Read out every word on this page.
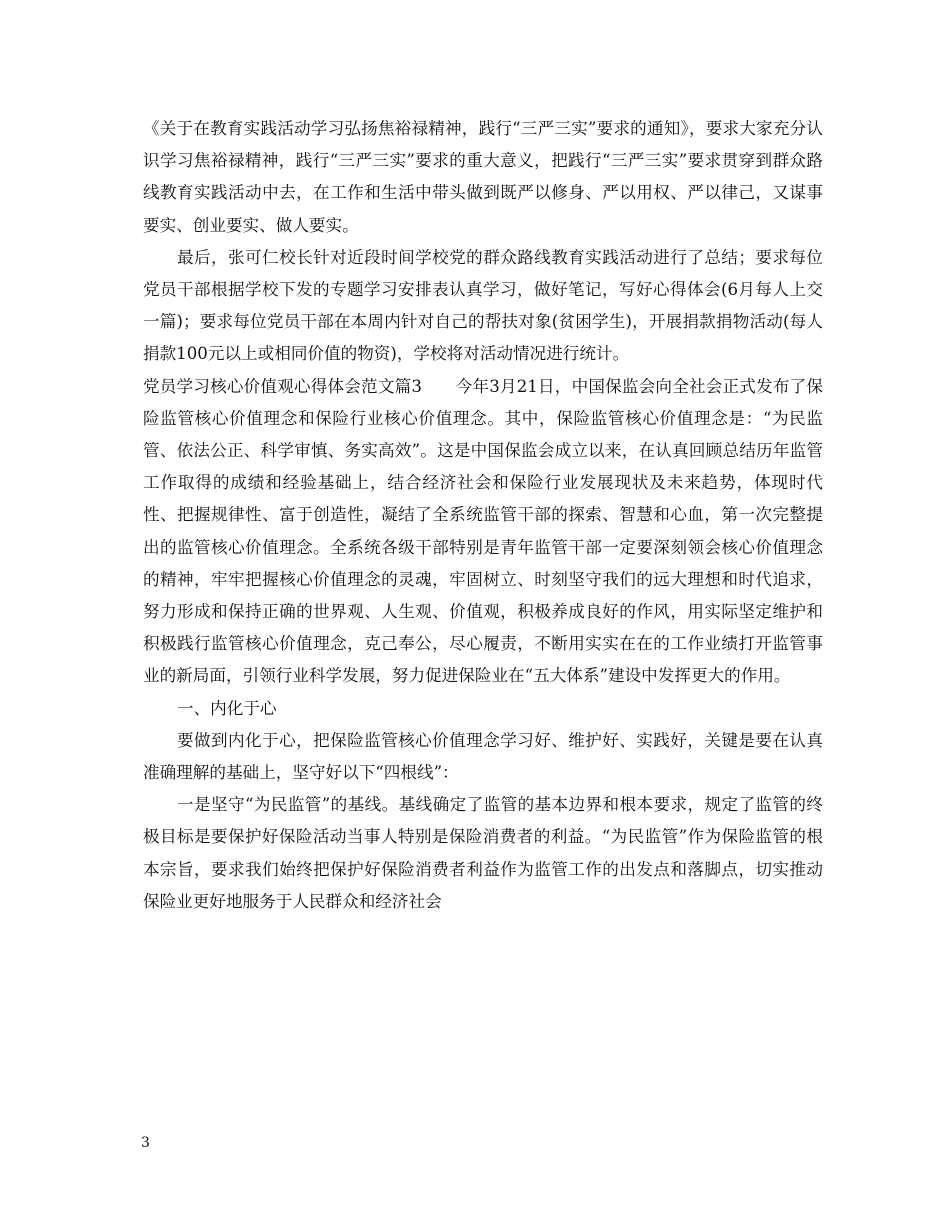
《关于在教育实践活动学习弘扬焦裕禄精神，践行“三严三实”要求的通知》，要求大家充分认识学习焦裕禄精神，践行“三严三实”要求的重大意义，把践行“三严三实”要求贯穿到群众路线教育实践活动中去，在工作和生活中带头做到既严以修身、严以用权、严以律己，又谋事要实、创业要实、做人要实。

最后，张可仁校长针对近段时间学校党的群众路线教育实践活动进行了总结；要求每位党员干部根据学校下发的专题学习安排表认真学习，做好笔记，写好心得体会(6月每人上交一篇)；要求每位党员干部在本周内针对自己的帮扶对象(贫困学生)，开展捐款捐物活动(每人捐款100元以上或相同价值的物资)，学校将对活动情况进行统计。

党员学习核心价值观心得体会范文篇3　　今年3月21日，中国保监会向全社会正式发布了保险监管核心价值理念和保险行业核心价值理念。其中，保险监管核心价值理念是：“为民监管、依法公正、科学审慎、务实高效”。这是中国保监会成立以来，在认真回顾总结历年监管工作取得的成绩和经验基础上，结合经济社会和保险行业发展现状及未来趋势，体现时代性、把握规律性、富于创造性，凝结了全系统监管干部的探索、智慧和心血，第一次完整提出的监管核心价值理念。全系统各级干部特别是青年监管干部一定要深刻领会核心价值理念的精神，牢牢把握核心价值理念的灵魂，牢固树立、时刻坚守我们的远大理想和时代追求，努力形成和保持正确的世界观、人生观、价值观，积极养成良好的作风，用实际坚定维护和积极践行监管核心价值理念，克己奉公，尽心履责，不断用实实在在的工作业绩打开监管事业的新局面，引领行业科学发展，努力促进保险业在“五大体系”建设中发挥更大的作用。

一、内化于心

要做到内化于心，把保险监管核心价值理念学习好、维护好、实践好，关键是要在认真准确理解的基础上，坚守好以下“四根线”：

一是坚守“为民监管”的基线。基线确定了监管的基本边界和根本要求，规定了监管的终极目标是要保护好保险活动当事人特别是保险消费者的利益。“为民监管”作为保险监管的根本宗旨，要求我们始终把保护好保险消费者利益作为监管工作的出发点和落脚点，切实推动保险业更好地服务于人民群众和经济社会

3
